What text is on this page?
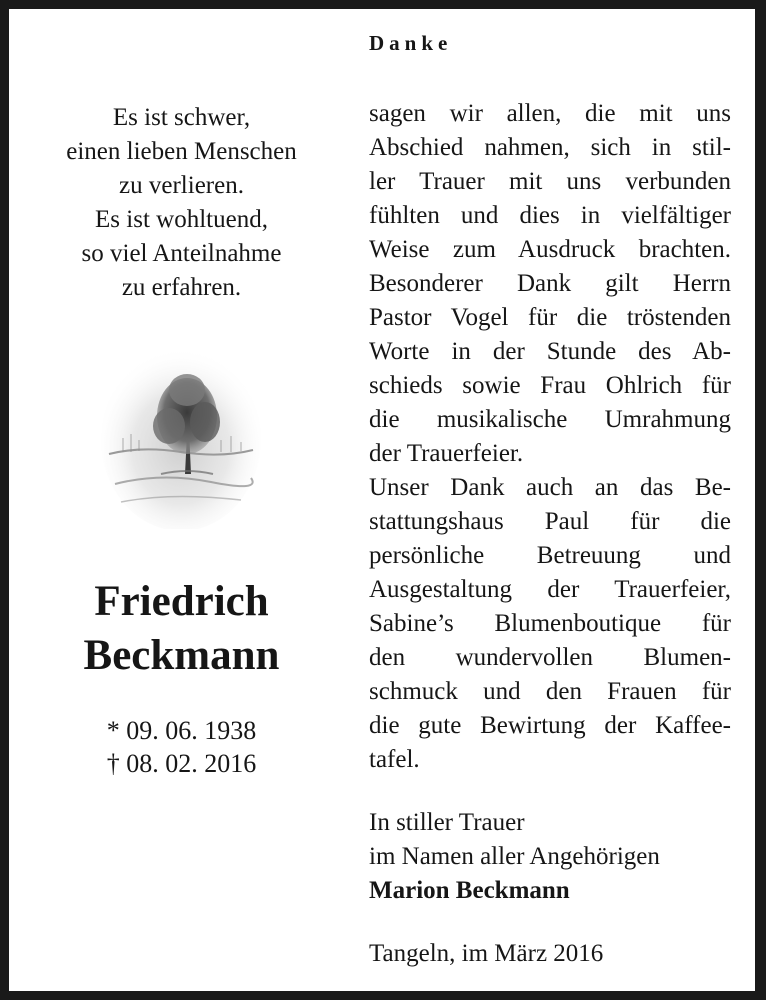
Es ist schwer,
einen lieben Menschen
zu verlieren.
Es ist wohltuend,
so viel Anteilnahme
zu erfahren.
Friedrich
Beckmann
* 09. 06. 1938
† 08. 02. 2016
Danke
sagen wir allen, die mit uns
Abschied nahmen, sich in stil-
ler Trauer mit uns verbunden
fühlten und dies in vielfältiger
Weise zum Ausdruck brachten.
Besonderer Dank gilt Herrn
Pastor Vogel für die tröstenden
Worte in der Stunde des Ab-
schieds sowie Frau Ohlrich für
die musikalische Umrahmung
der Trauerfeier.
Unser Dank auch an das Be-
stattungshaus Paul für die
persönliche Betreuung und
Ausgestaltung der Trauerfeier,
Sabine’s Blumenboutique für
den wundervollen Blumen-
schmuck und den Frauen für
die gute Bewirtung der Kaffee-
tafel.
In stiller Trauer
im Namen aller Angehörigen
Marion Beckmann
Tangeln, im März 2016
